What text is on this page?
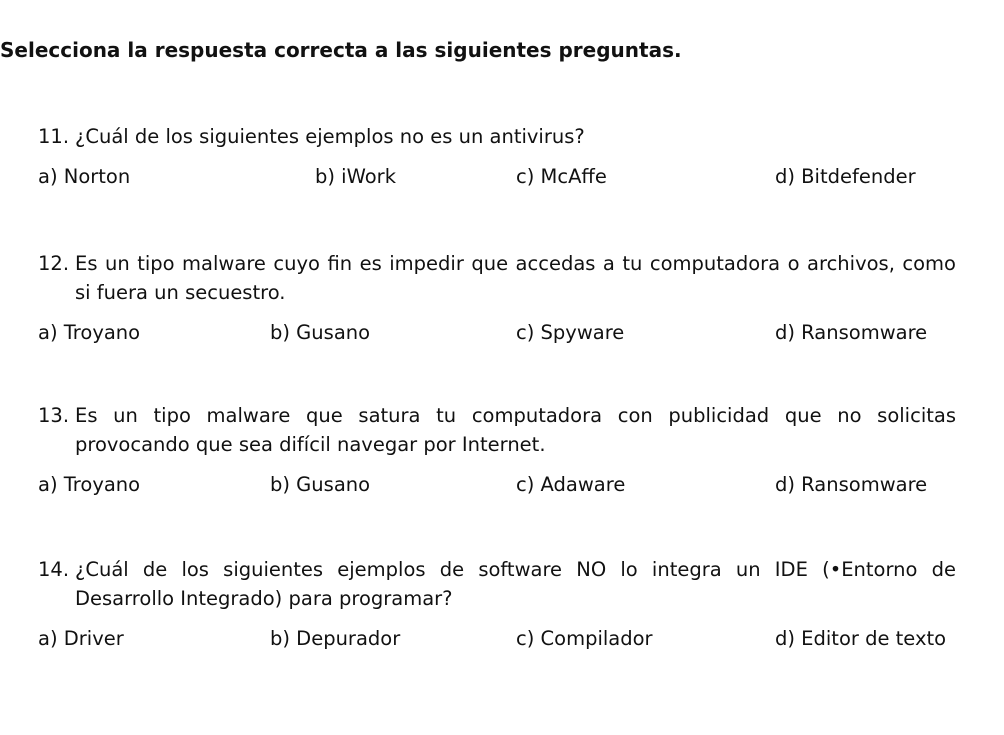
Selecciona la respuesta correcta a las siguientes preguntas.
11. ¿Cuál de los siguientes ejemplos no es un antivirus?
a) Norton	b) iWork	c) McAffe	d) Bitdefender
12. Es un tipo malware cuyo fin es impedir que accedas a tu computadora o archivos, como si fuera un secuestro.
a) Troyano	b) Gusano	c) Spyware	d) Ransomware
13. Es un tipo malware que satura tu computadora con publicidad que no solicitas provocando que sea difícil navegar por Internet.
a) Troyano	b) Gusano	c) Adaware	d) Ransomware
14. ¿Cuál de los siguientes ejemplos de software NO lo integra un IDE (•Entorno de Desarrollo Integrado) para programar?
a) Driver	b) Depurador	c) Compilador	d) Editor de texto
